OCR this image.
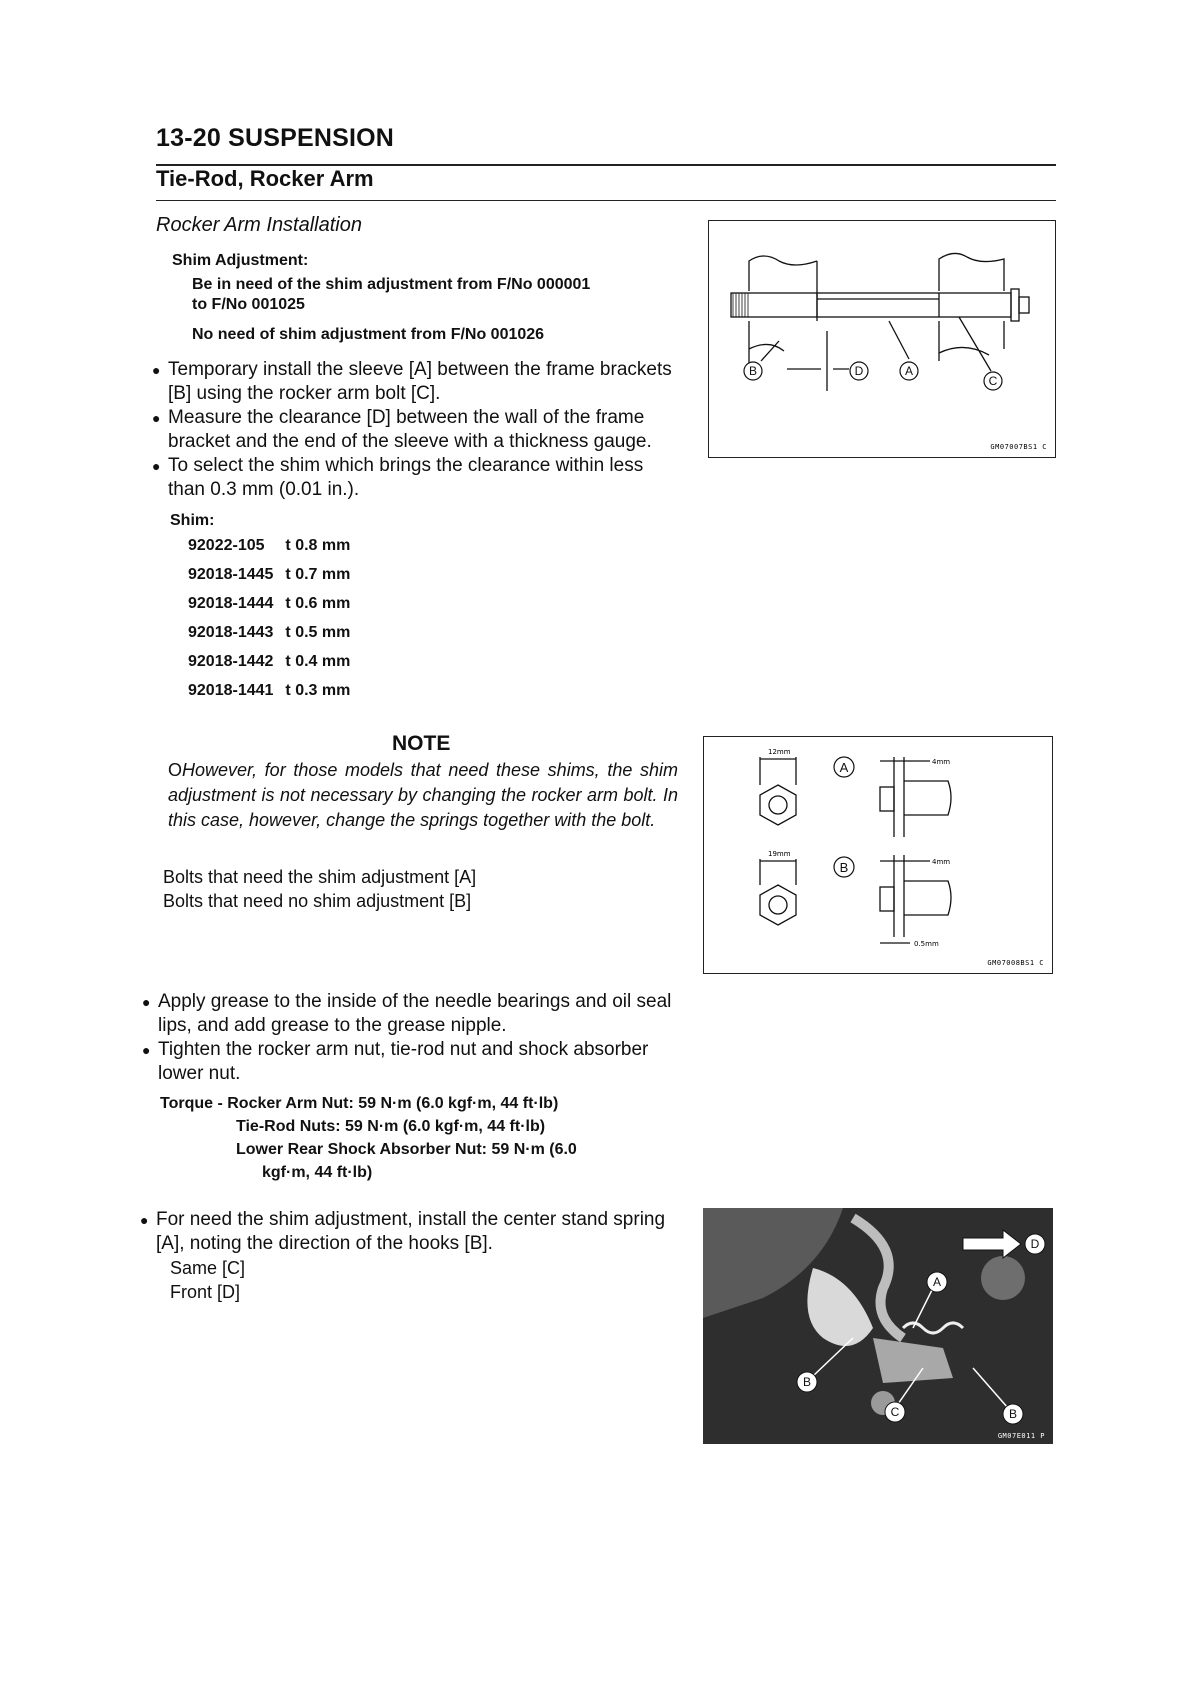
13-20 SUSPENSION
Tie-Rod, Rocker Arm
Rocker Arm Installation
Shim Adjustment:
Be in need of the shim adjustment from F/No 000001
to F/No 001025
No need of shim adjustment from F/No 001026
● Temporary install the sleeve [A] between the frame brackets [B] using the rocker arm bolt [C].
● Measure the clearance [D] between the wall of the frame bracket and the end of the sleeve with a thickness gauge.
● To select the shim which brings the clearance within less than 0.3 mm (0.01 in.).
Shim:
92022-105	t 0.8 mm
92018-1445	t 0.7 mm
92018-1444	t 0.6 mm
92018-1443	t 0.5 mm
92018-1442	t 0.4 mm
92018-1441	t 0.3 mm
NOTE
OHowever, for those models that need these shims, the shim adjustment is not necessary by changing the rocker arm bolt. In this case, however, change the springs together with the bolt.
Bolts that need the shim adjustment [A]
Bolts that need no shim adjustment [B]
● Apply grease to the inside of the needle bearings and oil seal lips, and add grease to the grease nipple.
● Tighten the rocker arm nut, tie-rod nut and shock absorber lower nut.
Torque - Rocker Arm Nut: 59 N·m (6.0 kgf·m, 44 ft·lb)
Tie-Rod Nuts: 59 N·m (6.0 kgf·m, 44 ft·lb)
Lower Rear Shock Absorber Nut: 59 N·m (6.0
kgf·m, 44 ft·lb)
● For need the shim adjustment, install the center stand spring [A], noting the direction of the hooks [B].
Same [C]
Front [D]
B	D	A
C
GM07007BS1 C
A
B
12mm
4mm
19mm
4mm
0.5mm
GM07008BS1 C
A
B
C	B
D
GM07E011 P
